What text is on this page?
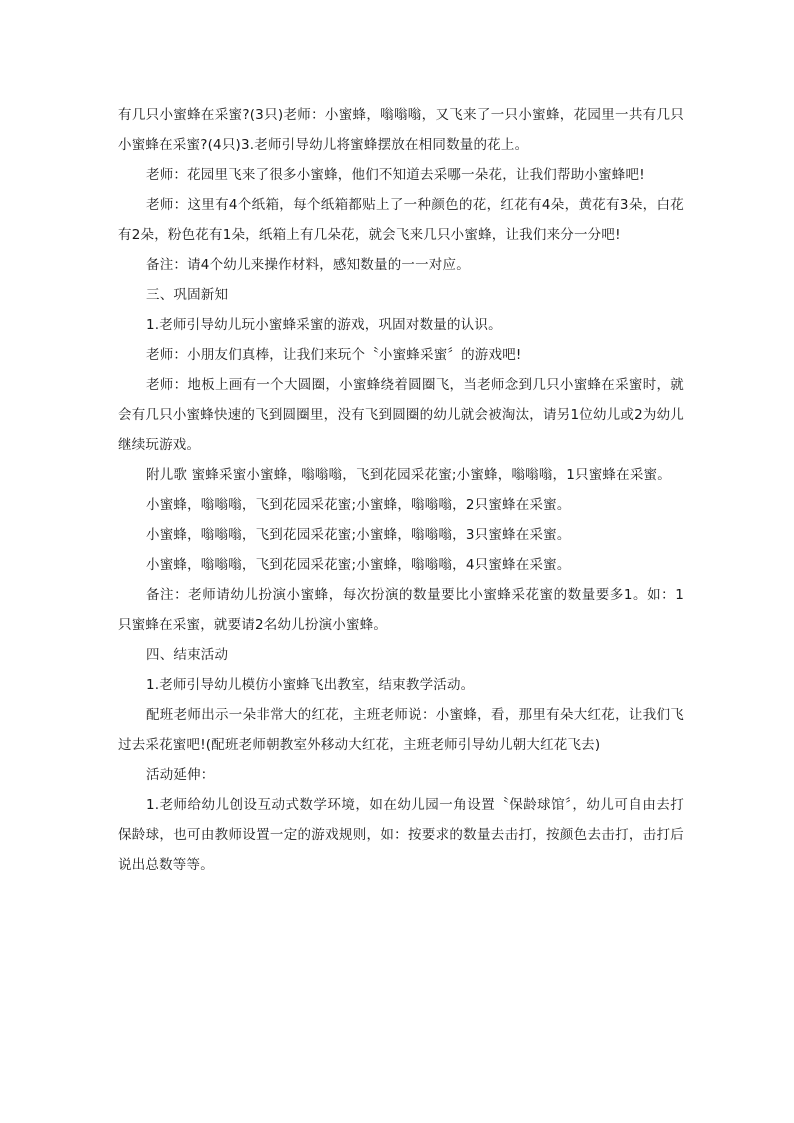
有几只小蜜蜂在采蜜?(3只)老师：小蜜蜂，嗡嗡嗡，又飞来了一只小蜜蜂，花园里一共有几只小蜜蜂在采蜜?(4只)3.老师引导幼儿将蜜蜂摆放在相同数量的花上。

老师：花园里飞来了很多小蜜蜂，他们不知道去采哪一朵花，让我们帮助小蜜蜂吧!

老师：这里有4个纸箱，每个纸箱都贴上了一种颜色的花，红花有4朵，黄花有3朵，白花有2朵，粉色花有1朵，纸箱上有几朵花，就会飞来几只小蜜蜂，让我们来分一分吧!

备注：请4个幼儿来操作材料，感知数量的一一对应。

三、巩固新知

1.老师引导幼儿玩小蜜蜂采蜜的游戏，巩固对数量的认识。

老师：小朋友们真棒，让我们来玩个〝小蜜蜂采蜜〞的游戏吧!

老师：地板上画有一个大圆圈，小蜜蜂绕着圆圈飞，当老师念到几只小蜜蜂在采蜜时，就会有几只小蜜蜂快速的飞到圆圈里，没有飞到圆圈的幼儿就会被淘汰，请另1位幼儿或2为幼儿继续玩游戏。

附儿歌 蜜蜂采蜜小蜜蜂，嗡嗡嗡，飞到花园采花蜜;小蜜蜂，嗡嗡嗡，1只蜜蜂在采蜜。

小蜜蜂，嗡嗡嗡，飞到花园采花蜜;小蜜蜂，嗡嗡嗡，2只蜜蜂在采蜜。

小蜜蜂，嗡嗡嗡，飞到花园采花蜜;小蜜蜂，嗡嗡嗡，3只蜜蜂在采蜜。

小蜜蜂，嗡嗡嗡，飞到花园采花蜜;小蜜蜂，嗡嗡嗡，4只蜜蜂在采蜜。

备注：老师请幼儿扮演小蜜蜂，每次扮演的数量要比小蜜蜂采花蜜的数量要多1。如：1只蜜蜂在采蜜，就要请2名幼儿扮演小蜜蜂。

四、结束活动

1.老师引导幼儿模仿小蜜蜂飞出教室，结束教学活动。

配班老师出示一朵非常大的红花，主班老师说：小蜜蜂，看，那里有朵大红花，让我们飞过去采花蜜吧!(配班老师朝教室外移动大红花，主班老师引导幼儿朝大红花飞去)

活动延伸：

1.老师给幼儿创设互动式数学环境，如在幼儿园一角设置〝保龄球馆〞，幼儿可自由去打保龄球，也可由教师设置一定的游戏规则，如：按要求的数量去击打，按颜色去击打，击打后说出总数等等。
